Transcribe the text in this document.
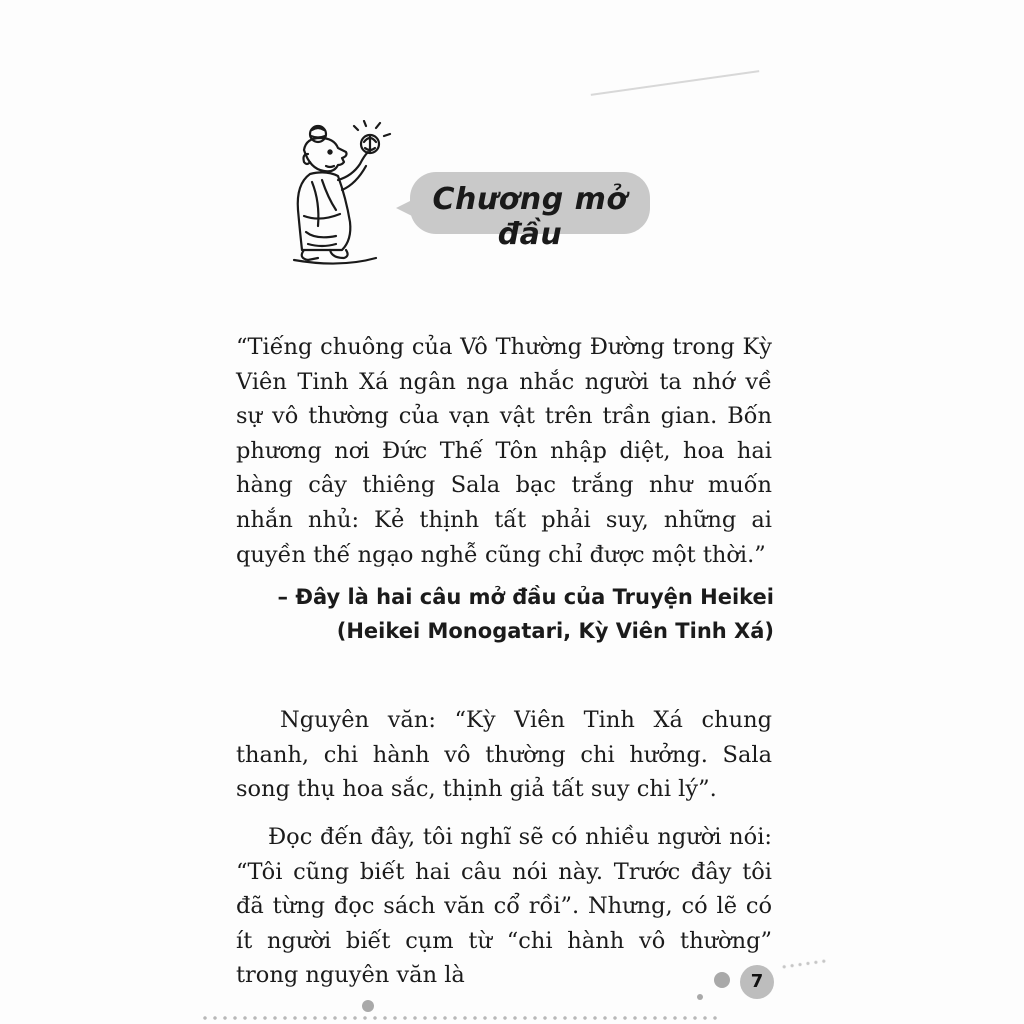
Chương mở đầu

“Tiếng chuông của Vô Thường Đường trong Kỳ Viên Tinh Xá ngân nga nhắc người ta nhớ về sự vô thường của vạn vật trên trần gian. Bốn phương nơi Đức Thế Tôn nhập diệt, hoa hai hàng cây thiêng Sala bạc trắng như muốn nhắn nhủ: Kẻ thịnh tất phải suy, những ai quyền thế ngạo nghễ cũng chỉ được một thời.”

– Đây là hai câu mở đầu của Truyện Heikei
(Heikei Monogatari, Kỳ Viên Tinh Xá)

Nguyên văn: “Kỳ Viên Tinh Xá chung thanh, chi hành vô thường chi hưởng. Sala song thụ hoa sắc, thịnh giả tất suy chi lý”.

Đọc đến đây, tôi nghĩ sẽ có nhiều người nói: “Tôi cũng biết hai câu nói này. Trước đây tôi đã từng đọc sách văn cổ rồi”. Nhưng, có lẽ có ít người biết cụm từ “chi hành vô thường” trong nguyên văn là	7
